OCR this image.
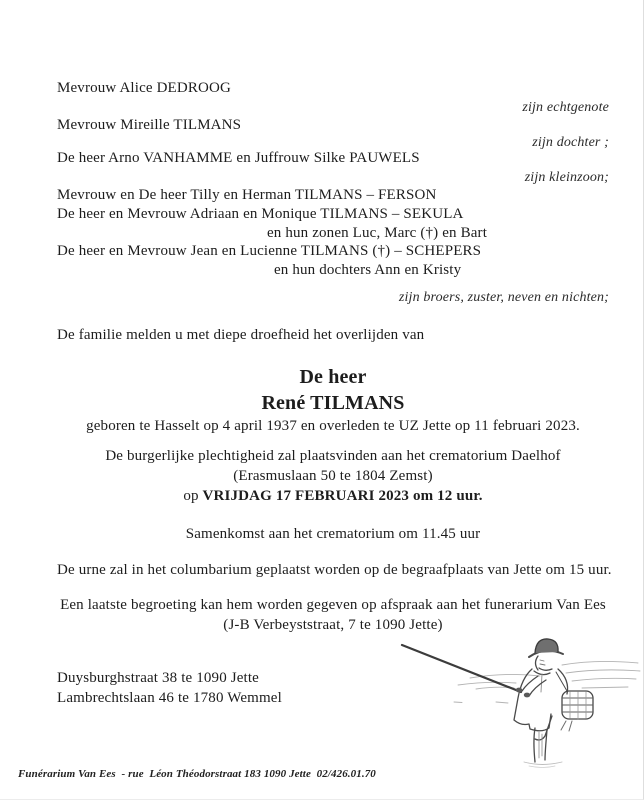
Mevrouw Alice DEDROOG
zijn echtgenote
Mevrouw Mireille TILMANS
zijn dochter ;
De heer Arno VANHAMME en Juffrouw Silke PAUWELS
zijn kleinzoon;
Mevrouw en De heer Tilly en Herman TILMANS – FERSON
De heer en Mevrouw Adriaan en Monique TILMANS – SEKULA
en hun zonen Luc, Marc (†) en Bart
De heer en Mevrouw Jean en Lucienne TILMANS (†) – SCHEPERS
en hun dochters Ann en Kristy
zijn broers, zuster, neven en nichten;
De familie melden u met diepe droefheid het overlijden van
De heer
René TILMANS
geboren te Hasselt op 4 april 1937 en overleden te UZ Jette op 11 februari 2023.
De burgerlijke plechtigheid zal plaatsvinden aan het crematorium Daelhof
(Erasmuslaan 50 te 1804 Zemst)
op VRIJDAG 17 FEBRUARI 2023 om 12 uur.
Samenkomst aan het crematorium om 11.45 uur
De urne zal in het columbarium geplaatst worden op de begraafplaats van Jette om 15 uur.
Een laatste begroeting kan hem worden gegeven op afspraak aan het funerarium Van Ees
(J-B Verbeyststraat, 7 te 1090 Jette)
Duysburghstraat 38 te 1090 Jette
Lambrechtslaan 46 te 1780 Wemmel
Funérarium Van Ees  - rue  Léon Théodorstraat 183 1090 Jette  02/426.01.70
